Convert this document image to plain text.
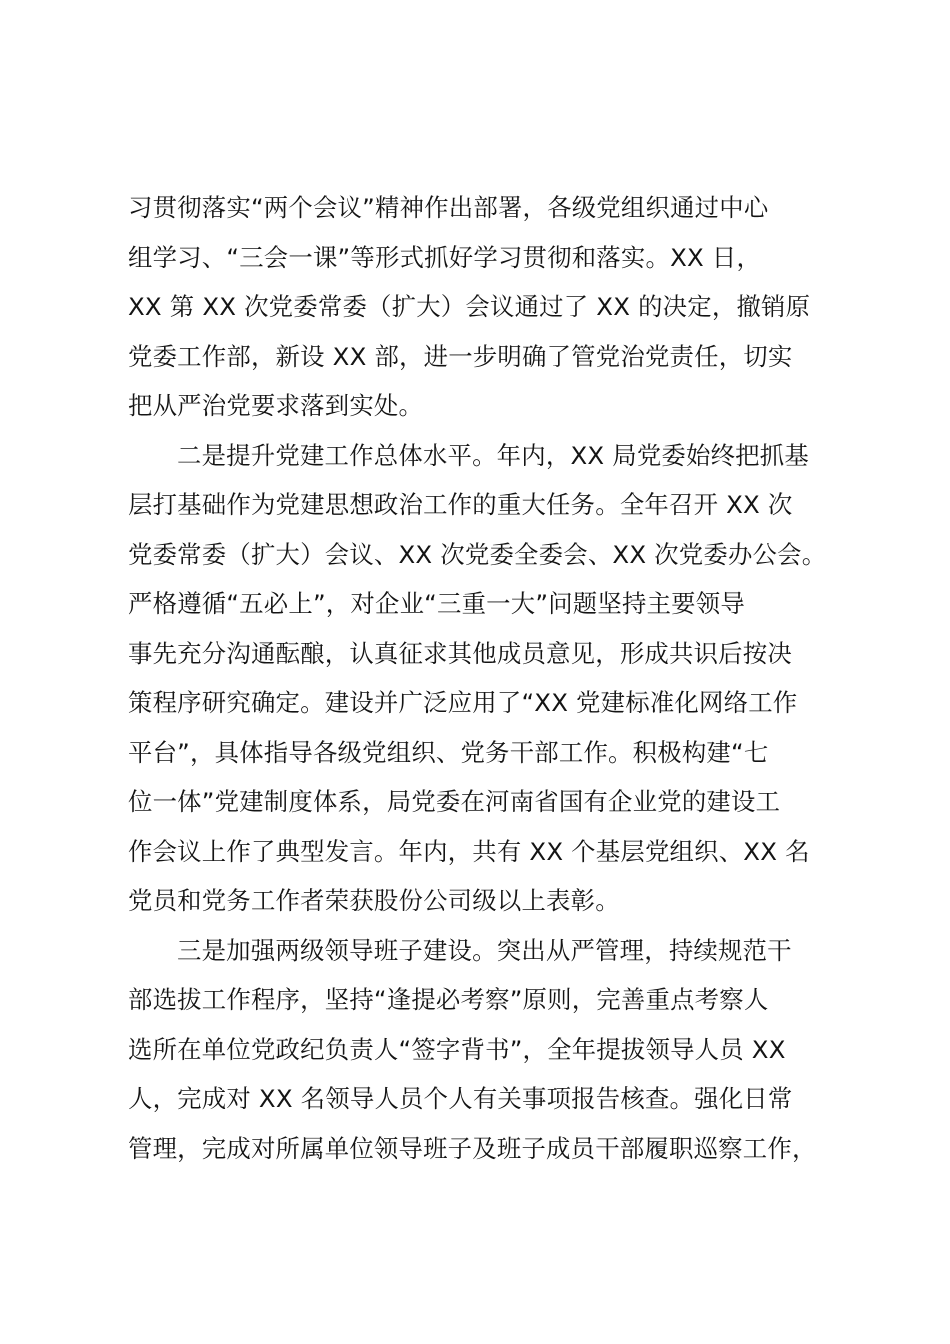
习贯彻落实“两个会议”精神作出部署，各级党组织通过中心
组学习、“三会一课”等形式抓好学习贯彻和落实。XX 日，
XX 第 XX 次党委常委（扩大）会议通过了 XX 的决定，撤销原
党委工作部，新设 XX 部，进一步明确了管党治党责任，切实
把从严治党要求落到实处。
二是提升党建工作总体水平。年内，XX 局党委始终把抓基
层打基础作为党建思想政治工作的重大任务。全年召开 XX 次
党委常委（扩大）会议、XX 次党委全委会、XX 次党委办公会。
严格遵循“五必上”，对企业“三重一大”问题坚持主要领导
事先充分沟通酝酿，认真征求其他成员意见，形成共识后按决
策程序研究确定。建设并广泛应用了“XX 党建标准化网络工作
平台”，具体指导各级党组织、党务干部工作。积极构建“七
位一体”党建制度体系，局党委在河南省国有企业党的建设工
作会议上作了典型发言。年内，共有 XX 个基层党组织、XX 名
党员和党务工作者荣获股份公司级以上表彰。
三是加强两级领导班子建设。突出从严管理，持续规范干
部选拔工作程序，坚持“逢提必考察”原则，完善重点考察人
选所在单位党政纪负责人“签字背书”，全年提拔领导人员 XX
人，完成对 XX 名领导人员个人有关事项报告核查。强化日常
管理，完成对所属单位领导班子及班子成员干部履职巡察工作，
